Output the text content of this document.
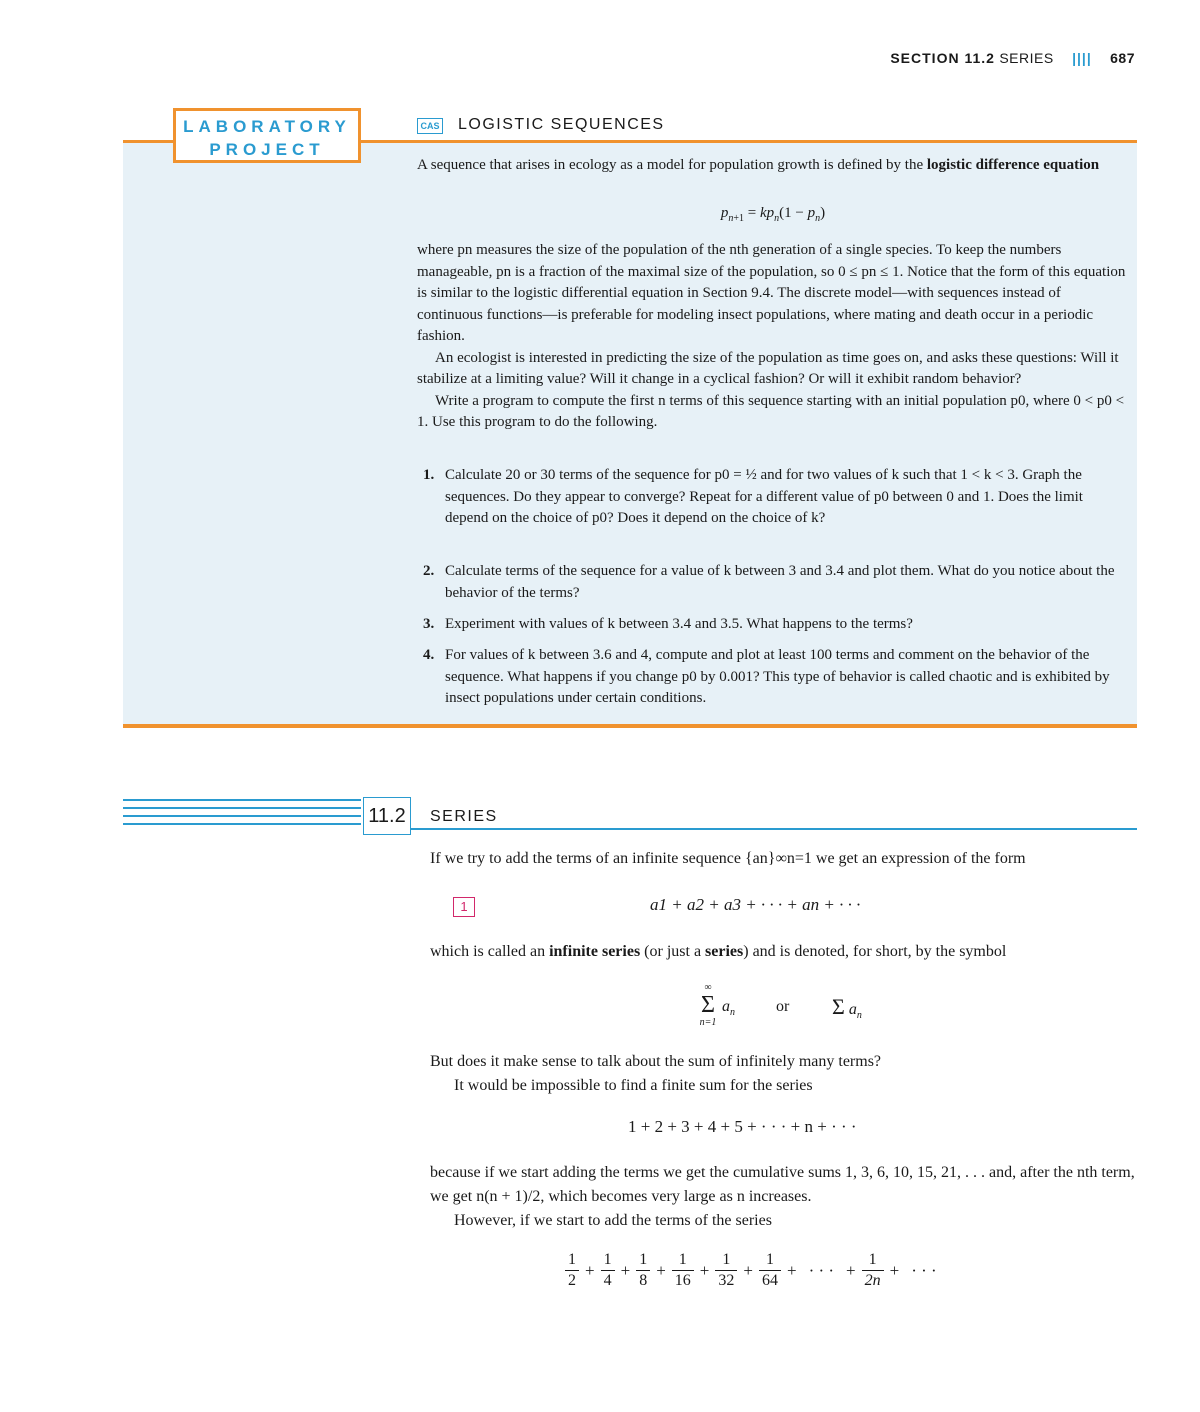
SECTION 11.2 SERIES |||| 687
LABORATORY
PROJECT
CAS LOGISTIC SEQUENCES

A sequence that arises in ecology as a model for population growth is defined by the logistic difference equation

$p_{n+1} = kp_n(1 - p_n)$

where pn measures the size of the population of the nth generation of a single species. To keep the numbers manageable, pn is a fraction of the maximal size of the population, so 0 ≤ pn ≤ 1. Notice that the form of this equation is similar to the logistic differential equation in Section 9.4. The discrete model—with sequences instead of continuous functions—is preferable for modeling insect populations, where mating and death occur in a periodic fashion.

An ecologist is interested in predicting the size of the population as time goes on, and asks these questions: Will it stabilize at a limiting value? Will it change in a cyclical fashion? Or will it exhibit random behavior?

Write a program to compute the first n terms of this sequence starting with an initial population p0, where 0 < p0 < 1. Use this program to do the following.

1. Calculate 20 or 30 terms of the sequence for p0 = ½ and for two values of k such that 1 < k < 3. Graph the sequences. Do they appear to converge? Repeat for a different value of p0 between 0 and 1. Does the limit depend on the choice of p0? Does it depend on the choice of k?
2. Calculate terms of the sequence for a value of k between 3 and 3.4 and plot them. What do you notice about the behavior of the terms?
3. Experiment with values of k between 3.4 and 3.5. What happens to the terms?
4. For values of k between 3.6 and 4, compute and plot at least 100 terms and comment on the behavior of the sequence. What happens if you change p0 by 0.001? This type of behavior is called chaotic and is exhibited by insect populations under certain conditions.
11.2	SERIES
If we try to add the terms of an infinite sequence {an}∞n=1 we get an expression of the form
1	a1 + a2 + a3 + · · · + an + · · ·
which is called an infinite series (or just a series) and is denoted, for short, by the symbol
∞
Σ
n=1
$a_n$	or Σ $a_n$

But does it make sense to talk about the sum of infinitely many terms?

It would be impossible to find a finite sum for the series

1 + 2 + 3 + 4 + 5 + · · · + n + · · ·

because if we start adding the terms we get the cumulative sums 1, 3, 6, 10, 15, 21, . . . and, after the nth term, we get n(n + 1)/2, which becomes very large as n increases.

However, if we start to add the terms of the series

$\frac{1}{2} + \frac{1}{4} + \frac{1}{8} + \frac{1}{16} + \frac{1}{32} + \frac{1}{64}$ + · · · + $\frac{1}{2n}$ + · · ·
